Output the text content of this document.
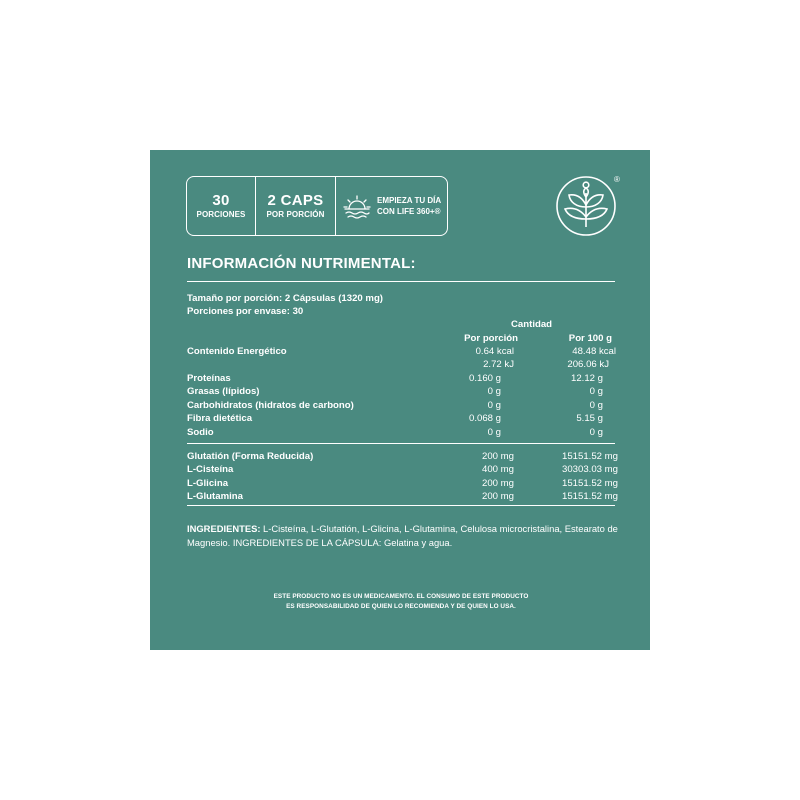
30
PORCIONES
2 CAPS
POR PORCIÓN
EMPIEZA TU DÍA
CON LIFE 360+®
®
INFORMACIÓN NUTRIMENTAL:
Tamaño por porción: 2 Cápsulas (1320 mg)
Porciones por envase: 30
Cantidad
Por porción	Por 100 g
Contenido Energético	0.64 kcal	48.48 kcal
2.72 kJ	206.06 kJ
Proteínas	0.160 g	12.12 g
Grasas (lípidos)	0 g	0 g
Carbohidratos (hidratos de carbono)	0 g	0 g
Fibra dietética	0.068 g	5.15 g
Sodio	0 g	0 g
Glutatión (Forma Reducida)	200 mg	15151.52 mg
L-Cisteína	400 mg	30303.03 mg
L-Glicina	200 mg	15151.52 mg
L-Glutamina	200 mg	15151.52 mg
INGREDIENTES: L-Cisteína, L-Glutatión, L-Glicina, L-Glutamina, Celulosa microcristalina, Estearato de Magnesio. INGREDIENTES DE LA CÁPSULA: Gelatina y agua.
ESTE PRODUCTO NO ES UN MEDICAMENTO. EL CONSUMO DE ESTE PRODUCTO
ES RESPONSABILIDAD DE QUIEN LO RECOMIENDA Y DE QUIEN LO USA.
